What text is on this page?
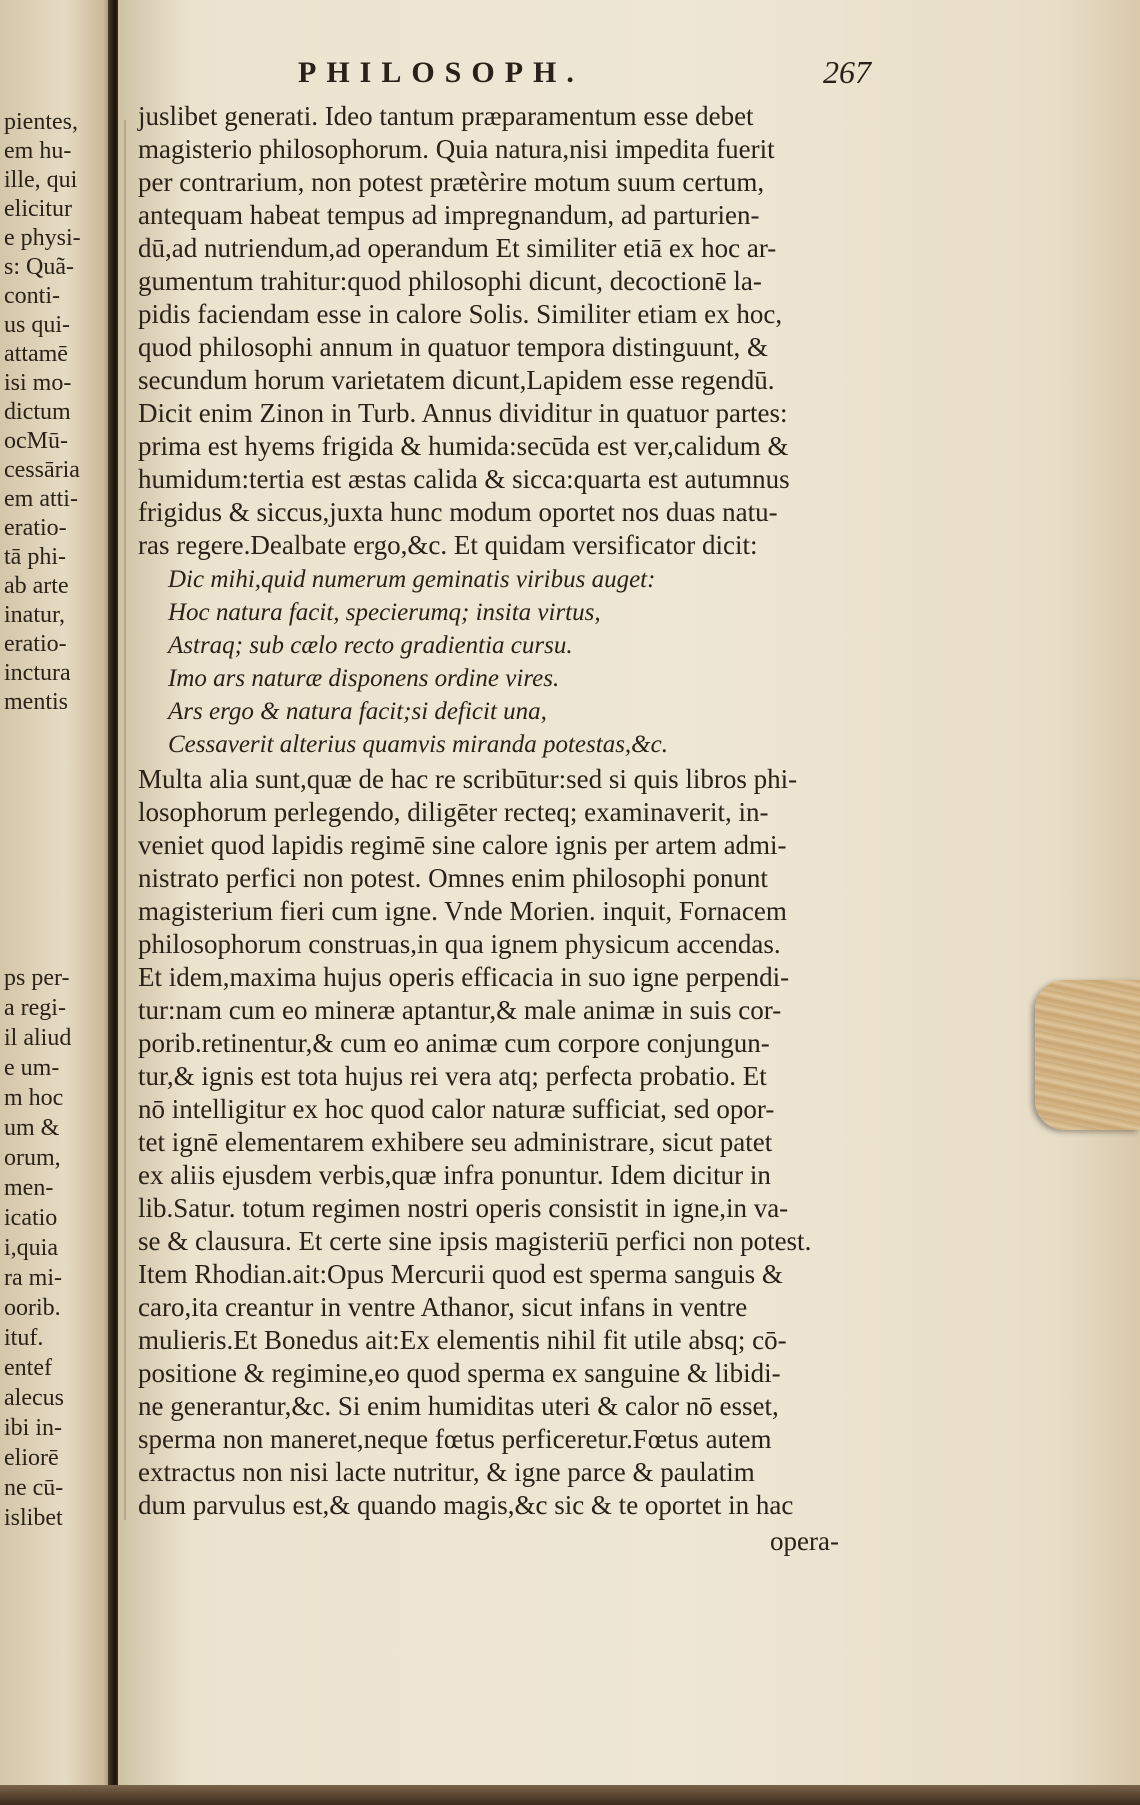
pientes,
em hu-
ille, qui
elicitur
e physi-
s: Quã-
conti-
us qui-
attamē
isi mo-
dictum
ocMū-
cessāria
em atti-
eratio-
tā phi-
ab arte
inatur,
eratio-
inctura
mentis
ps per-
a regi-
il aliud
e um-
m hoc
um &
orum,
men-
icatio
i,quia
ra mi-
oorib.
ituf.
entef
alecus
ibi in-
eliorē
ne cū-
islibet
PHILOSOPH.	267
juslibet generati. Ideo tantum præparamentum esse debet
magisterio philosophorum. Quia natura,nisi impedita fuerit
per contrarium, non potest prætèrire motum suum certum,
antequam habeat tempus ad impregnandum, ad parturien-
dū,ad nutriendum,ad operandum Et similiter etiā ex hoc ar-
gumentum trahitur:quod philosophi dicunt, decoctionē la-
pidis faciendam esse in calore Solis. Similiter etiam ex hoc,
quod philosophi annum in quatuor tempora distinguunt, &
secundum horum varietatem dicunt,Lapidem esse regendū.
Dicit enim Zinon in Turb. Annus dividitur in quatuor partes:
prima est hyems frigida & humida:secūda est ver,calidum &
humidum:tertia est æstas calida & sicca:quarta est autumnus
frigidus & siccus,juxta hunc modum oportet nos duas natu-
ras regere.Dealbate ergo,&c. Et quidam versificator dicit:
Dic mihi,quid numerum geminatis viribus auget:
Hoc natura facit, specierumq; insita virtus,
Astraq; sub cælo recto gradientia cursu.
Imo ars naturæ disponens ordine vires.
Ars ergo & natura facit;si deficit una,
Cessaverit alterius quamvis miranda potestas,&c.
Multa alia sunt,quæ de hac re scribūtur:sed si quis libros phi-
losophorum perlegendo, diligēter recteq; examinaverit, in-
veniet quod lapidis regimē sine calore ignis per artem admi-
nistrato perfici non potest. Omnes enim philosophi ponunt
magisterium fieri cum igne. Vnde Morien. inquit, Fornacem
philosophorum construas,in qua ignem physicum accendas.
Et idem,maxima hujus operis efficacia in suo igne perpendi-
tur:nam cum eo mineræ aptantur,& male animæ in suis cor-
porib.retinentur,& cum eo animæ cum corpore conjungun-
tur,& ignis est tota hujus rei vera atq; perfecta probatio. Et
nō intelligitur ex hoc quod calor naturæ sufficiat, sed opor-
tet ignē elementarem exhibere seu administrare, sicut patet
ex aliis ejusdem verbis,quæ infra ponuntur. Idem dicitur in
lib.Satur. totum regimen nostri operis consistit in igne,in va-
se & clausura. Et certe sine ipsis magisteriū perfici non potest.
Item Rhodian.ait:Opus Mercurii quod est sperma sanguis &
caro,ita creantur in ventre Athanor, sicut infans in ventre
mulieris.Et Bonedus ait:Ex elementis nihil fit utile absq; cō-
positione & regimine,eo quod sperma ex sanguine & libidi-
ne generantur,&c. Si enim humiditas uteri & calor nō esset,
sperma non maneret,neque fœtus perficeretur.Fœtus autem
extractus non nisi lacte nutritur, & igne parce & paulatim
dum parvulus est,& quando magis,&c sic & te oportet in hac
opera-
